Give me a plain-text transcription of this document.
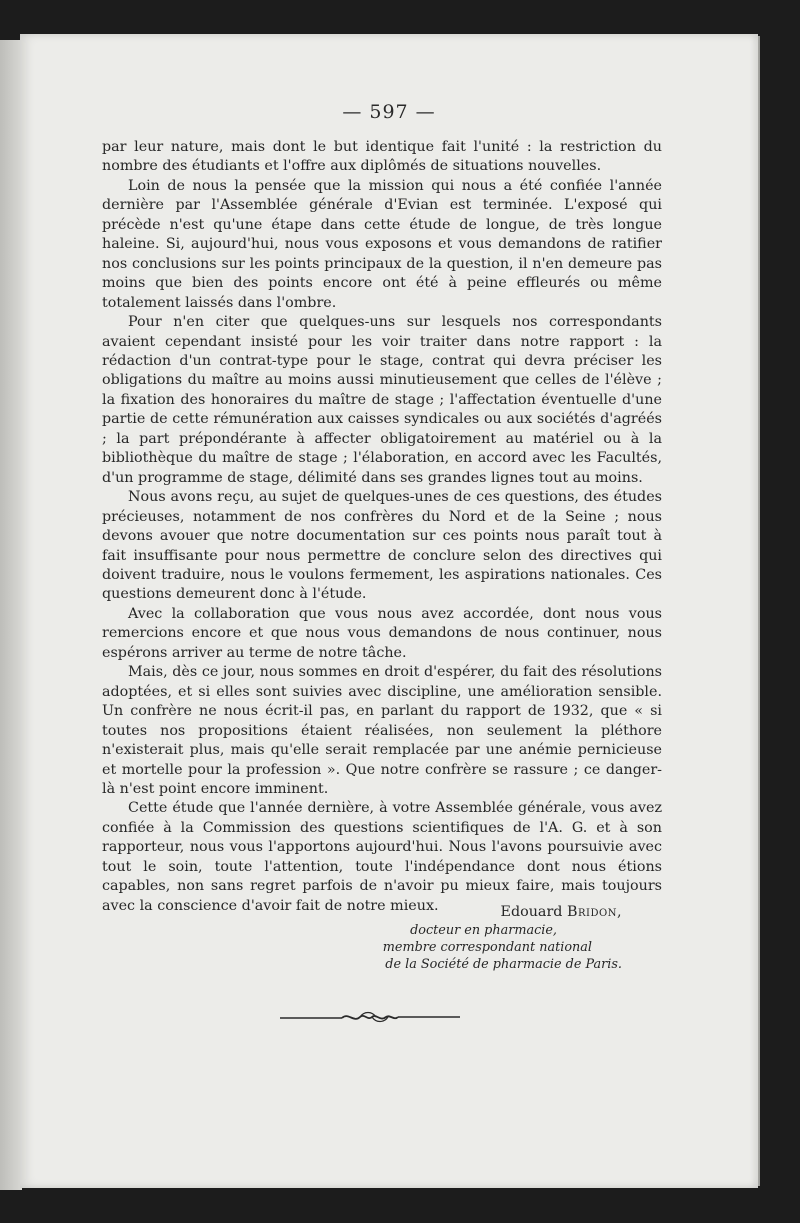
— 597 —

par leur nature, mais dont le but identique fait l'unité : la restriction du nombre des étudiants et l'offre aux diplômés de situations nouvelles.

Loin de nous la pensée que la mission qui nous a été confiée l'année dernière par l'Assemblée générale d'Evian est terminée. L'exposé qui précède n'est qu'une étape dans cette étude de longue, de très longue haleine. Si, aujourd'hui, nous vous exposons et vous demandons de ratifier nos conclusions sur les points principaux de la question, il n'en demeure pas moins que bien des points encore ont été à peine effleurés ou même totalement laissés dans l'ombre.

Pour n'en citer que quelques-uns sur lesquels nos correspondants avaient cependant insisté pour les voir traiter dans notre rapport : la rédaction d'un contrat-type pour le stage, contrat qui devra préciser les obligations du maître au moins aussi minutieusement que celles de l'élève ; la fixation des honoraires du maître de stage ; l'affectation éventuelle d'une partie de cette rémunération aux caisses syndicales ou aux sociétés d'agréés ; la part prépondérante à affecter obligatoirement au matériel ou à la bibliothèque du maître de stage ; l'élaboration, en accord avec les Facultés, d'un programme de stage, délimité dans ses grandes lignes tout au moins.

Nous avons reçu, au sujet de quelques-unes de ces questions, des études précieuses, notamment de nos confrères du Nord et de la Seine ; nous devons avouer que notre documentation sur ces points nous paraît tout à fait insuffisante pour nous permettre de conclure selon des directives qui doivent traduire, nous le voulons fermement, les aspirations nationales. Ces questions demeurent donc à l'étude.

Avec la collaboration que vous nous avez accordée, dont nous vous remercions encore et que nous vous demandons de nous continuer, nous espérons arriver au terme de notre tâche.

Mais, dès ce jour, nous sommes en droit d'espérer, du fait des résolutions adoptées, et si elles sont suivies avec discipline, une amélioration sensible. Un confrère ne nous écrit-il pas, en parlant du rapport de 1932, que « si toutes nos propositions étaient réalisées, non seulement la pléthore n'existerait plus, mais qu'elle serait remplacée par une anémie pernicieuse et mortelle pour la profession ». Que notre confrère se rassure ; ce danger-là n'est point encore imminent.

Cette étude que l'année dernière, à votre Assemblée générale, vous avez confiée à la Commission des questions scientifiques de l'A. G. et à son rapporteur, nous vous l'apportons aujourd'hui. Nous l'avons poursuivie avec tout le soin, toute l'attention, toute l'indépendance dont nous étions capables, non sans regret parfois de n'avoir pu mieux faire, mais toujours avec la conscience d'avoir fait de notre mieux.	Edouard Bridon,
docteur en pharmacie,
membre correspondant national
de la Société de pharmacie de Paris.
